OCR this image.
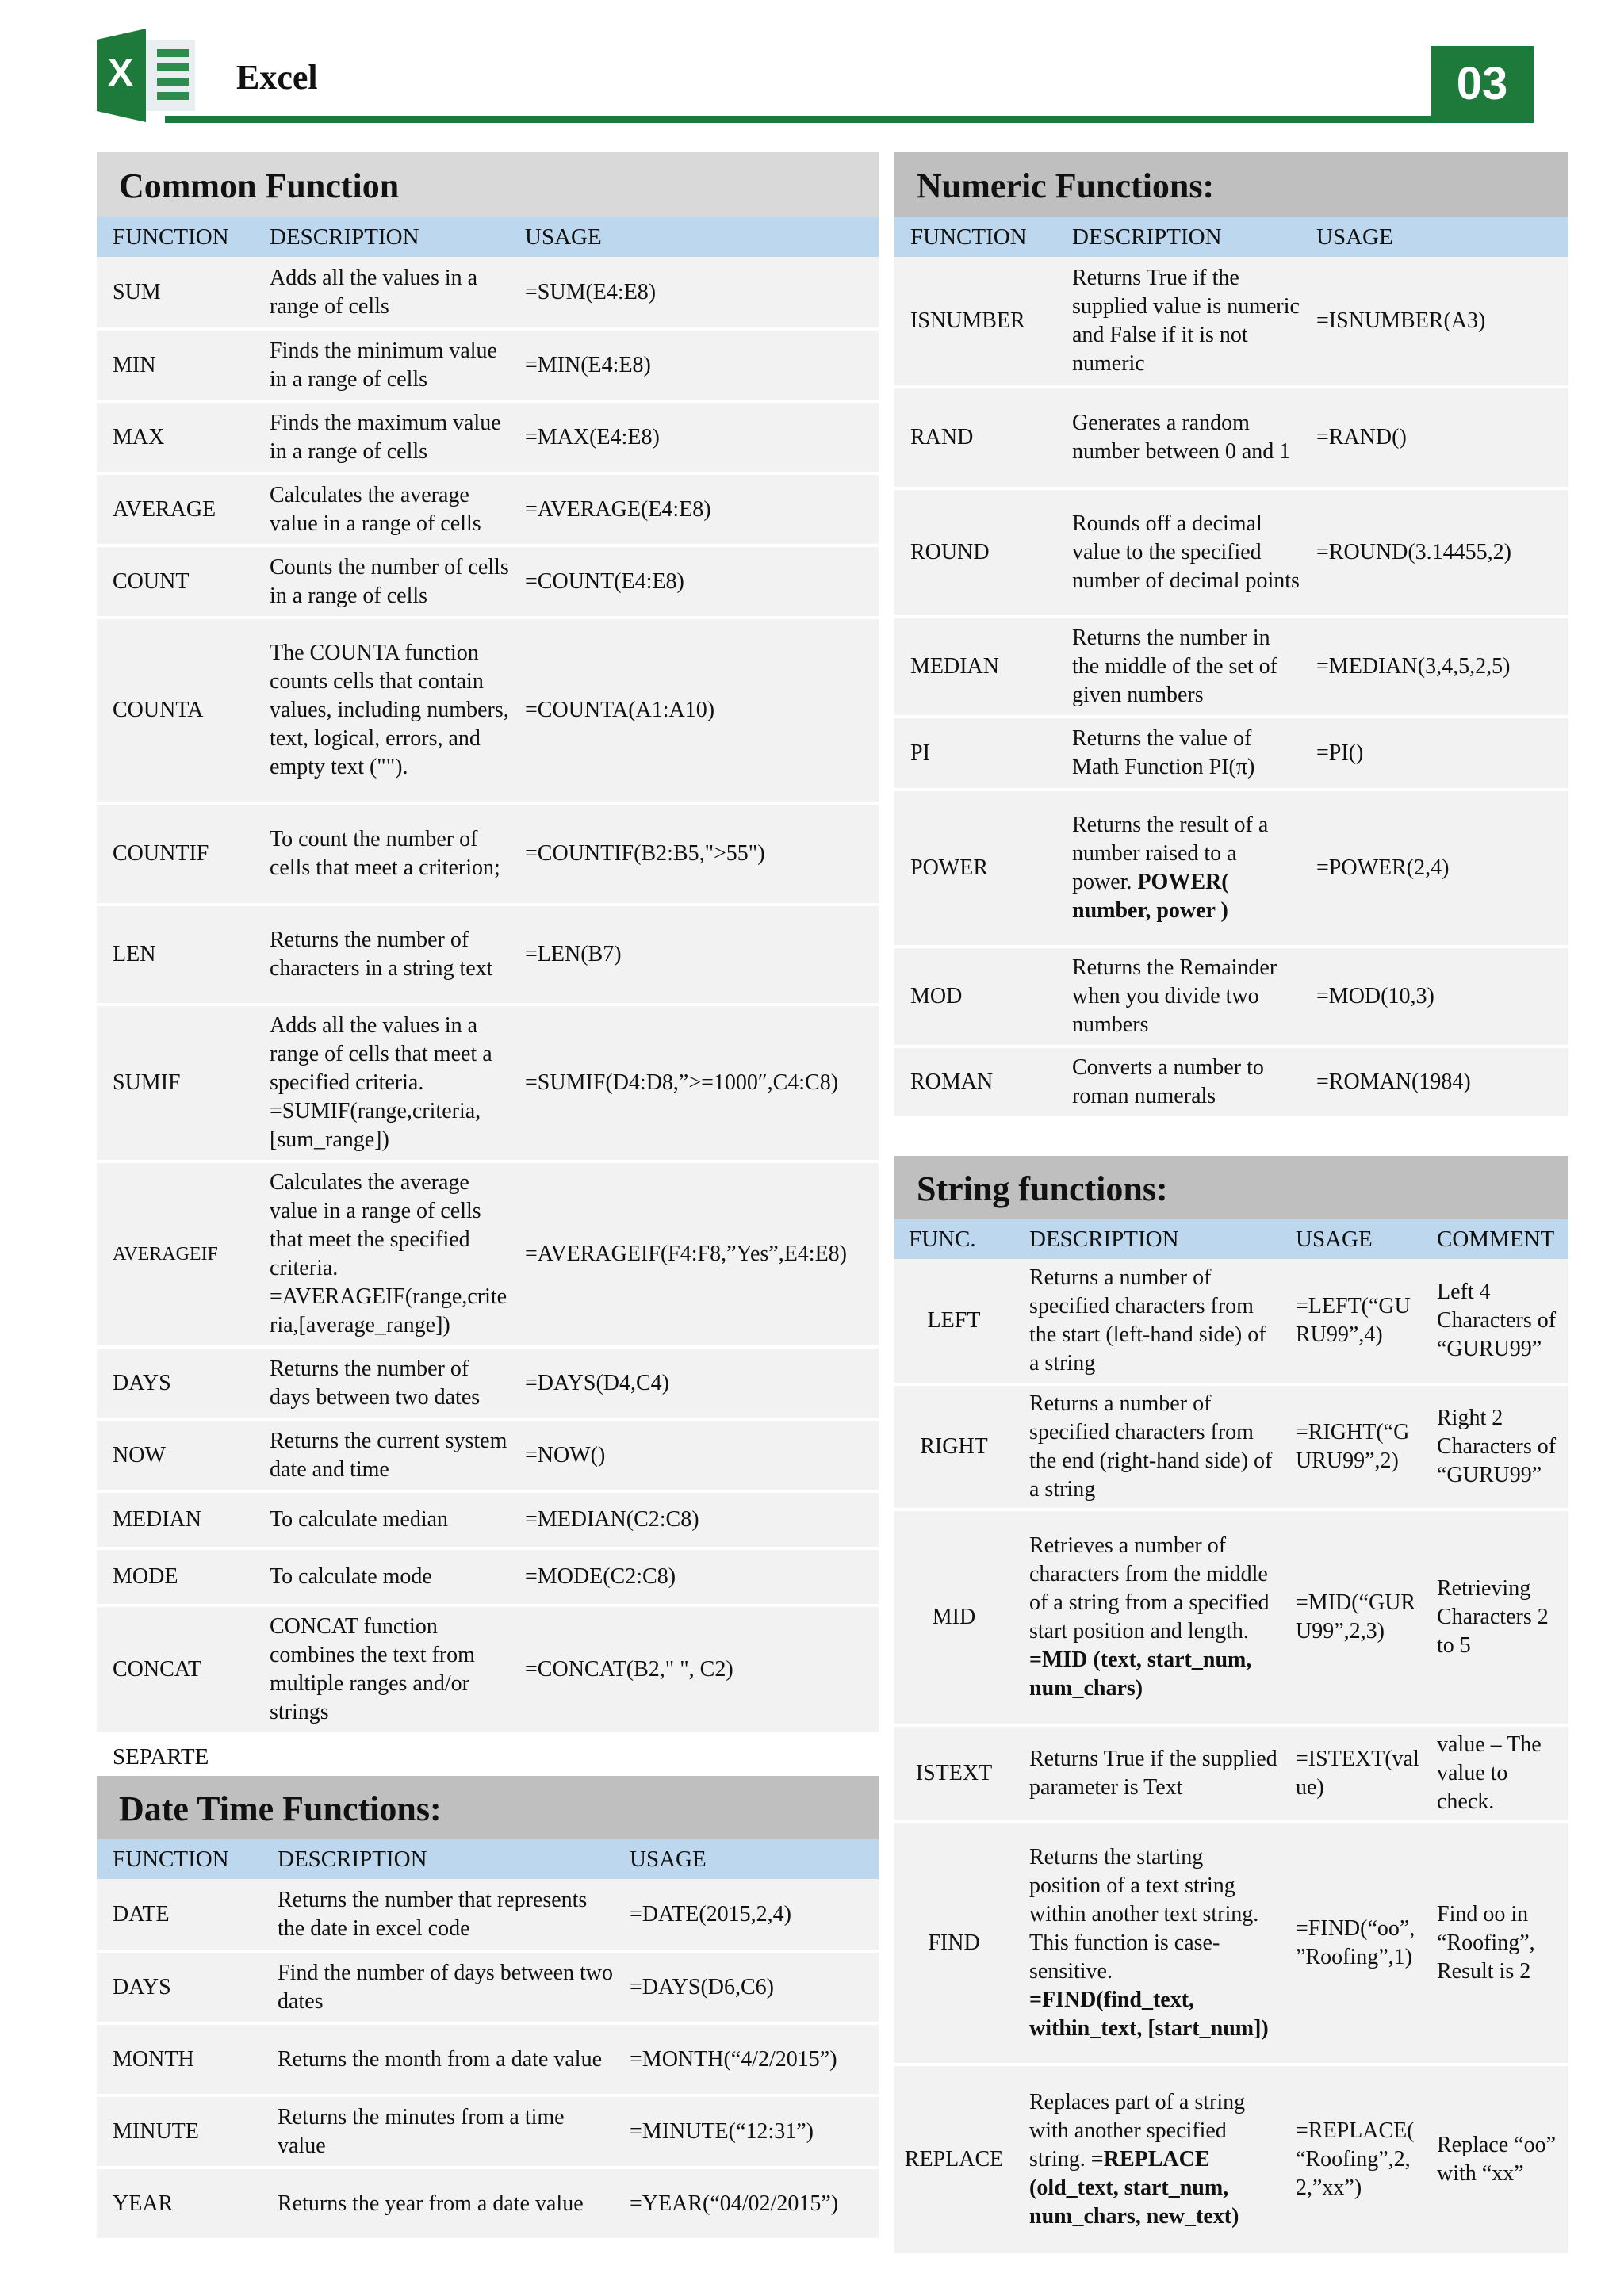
X	Excel	03
Common Function
FUNCTION	DESCRIPTION	USAGE
SUM	Adds all the values in a range of cells	=SUM(E4:E8)
MIN	Finds the minimum value in a range of cells	=MIN(E4:E8)
MAX	Finds the maximum value in a range of cells	=MAX(E4:E8)
AVERAGE	Calculates the average value in a range of cells	=AVERAGE(E4:E8)
COUNT	Counts the number of cells in a range of cells	=COUNT(E4:E8)
COUNTA	The COUNTA function counts cells that contain values, including numbers, text, logical, errors, and empty text ("").	=COUNTA(A1:A10)
COUNTIF	To count the number of cells that meet a criterion;	=COUNTIF(B2:B5,">55")
LEN	Returns the number of characters in a string text	=LEN(B7)
SUMIF	Adds all the values in a range of cells that meet a specified criteria. =SUMIF(range,criteria,[sum_range])	=SUMIF(D4:D8,”>=1000″,C4:C8)
AVERAGEIF	Calculates the average value in a range of cells that meet the specified criteria. =AVERAGEIF(range,criteria,[average_range])	=AVERAGEIF(F4:F8,”Yes”,E4:E8)
DAYS	Returns the number of days between two dates	=DAYS(D4,C4)
NOW	Returns the current system date and time	=NOW()
MEDIAN	To calculate median	=MEDIAN(C2:C8)
MODE	To calculate mode	=MODE(C2:C8)
CONCAT	CONCAT function combines the text from multiple ranges and/or strings	=CONCAT(B2," ", C2)
SEPARTE
Date Time Functions:
FUNCTION	DESCRIPTION	USAGE
DATE	Returns the number that represents the date in excel code	=DATE(2015,2,4)
DAYS	Find the number of days between two dates	=DAYS(D6,C6)
MONTH	Returns the month from a date value	=MONTH(“4/2/2015”)
MINUTE	Returns the minutes from a time value	=MINUTE(“12:31”)
YEAR	Returns the year from a date value	=YEAR(“04/02/2015”)
Numeric Functions:
FUNCTION	DESCRIPTION	USAGE
ISNUMBER	Returns True if the supplied value is numeric and False if it is not numeric	=ISNUMBER(A3)
RAND	Generates a random number between 0 and 1	=RAND()
ROUND	Rounds off a decimal value to the specified number of decimal points	=ROUND(3.14455,2)
MEDIAN	Returns the number in the middle of the set of given numbers	=MEDIAN(3,4,5,2,5)
PI	Returns the value of Math Function PI(π)	=PI()
POWER	Returns the result of a number raised to a power. POWER( number, power )	=POWER(2,4)
MOD	Returns the Remainder when you divide two numbers	=MOD(10,3)
ROMAN	Converts a number to roman numerals	=ROMAN(1984)
String functions:
FUNC.	DESCRIPTION	USAGE	COMMENT
LEFT	Returns a number of specified characters from the start (left-hand side) of a string	=LEFT(“GURU99”,4)	Left 4 Characters of “GURU99”
RIGHT	Returns a number of specified characters from the end (right-hand side) of a string	=RIGHT(“GURU99”,2)	Right 2 Characters of “GURU99”
MID	Retrieves a number of characters from the middle of a string from a specified start position and length. =MID (text, start_num, num_chars)	=MID(“GURU99”,2,3)	Retrieving Characters 2 to 5
ISTEXT	Returns True if the supplied parameter is Text	=ISTEXT(value)	value – The value to check.
FIND	Returns the starting position of a text string within another text string. This function is case-sensitive. =FIND(find_text, within_text, [start_num])	=FIND(“oo”,”Roofing”,1)	Find oo in “Roofing”, Result is 2
REPLACE	Replaces part of a string with another specified string. =REPLACE (old_text, start_num, num_chars, new_text)	=REPLACE(“Roofing”,2,2,”xx”)	Replace “oo” with “xx”
